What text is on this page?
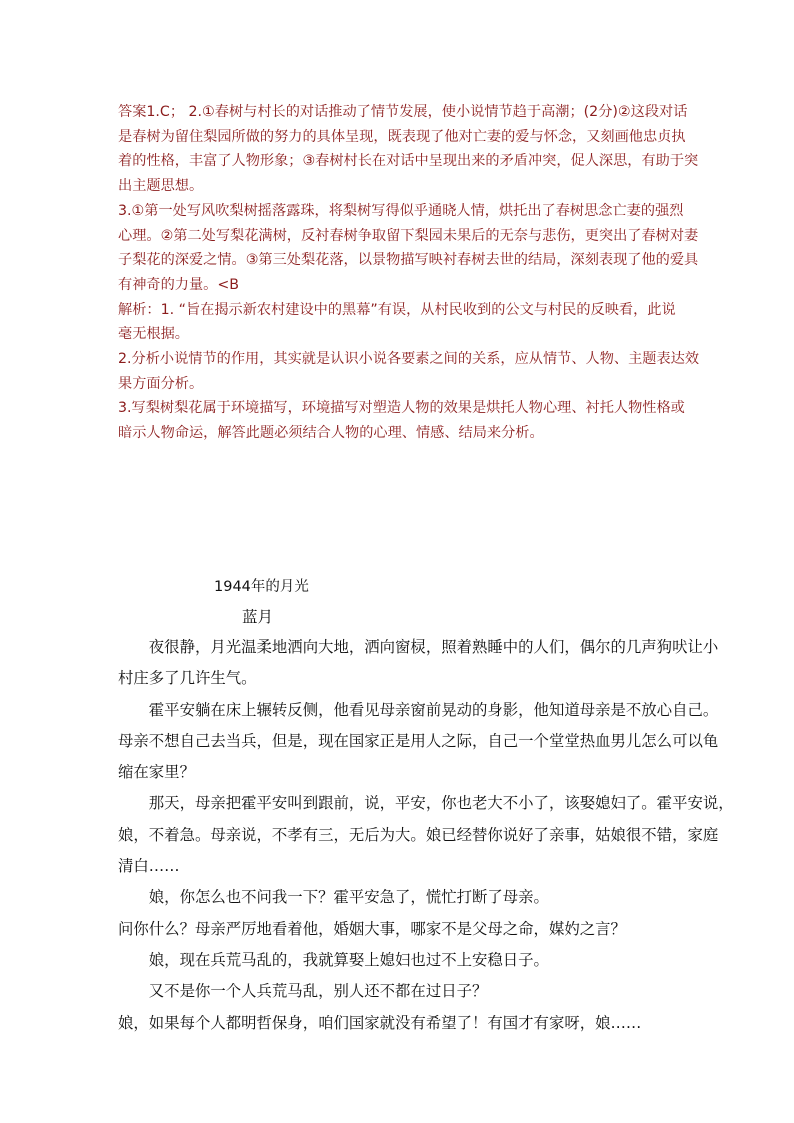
答案1.C； 2.①春树与村长的对话推动了情节发展，使小说情节趋于高潮；(2分)②这段对话

是春树为留住梨园所做的努力的具体呈现，既表现了他对亡妻的爱与怀念，又刻画他忠贞执

着的性格，丰富了人物形象；③春树村长在对话中呈现出来的矛盾冲突，促人深思，有助于突

出主题思想。

3.①第一处写风吹梨树摇落露珠，将梨树写得似乎通晓人情，烘托出了春树思念亡妻的强烈

心理。②第二处写梨花满树，反衬春树争取留下梨园未果后的无奈与悲伤，更突出了春树对妻

子梨花的深爱之情。③第三处梨花落，以景物描写映衬春树去世的结局，深刻表现了他的爱具

有神奇的力量。<B

解析：1. “旨在揭示新农村建设中的黑幕”有误，从村民收到的公文与村民的反映看，此说

毫无根据。

2.分析小说情节的作用，其实就是认识小说各要素之间的关系，应从情节、人物、主题表达效

果方面分析。

3.写梨树梨花属于环境描写，环境描写对塑造人物的效果是烘托人物心理、衬托人物性格或

暗示人物命运，解答此题必须结合人物的心理、情感、结局来分析。

1944年的月光

蓝月

　　夜很静，月光温柔地洒向大地，洒向窗棂，照着熟睡中的人们，偶尔的几声狗吠让小

村庄多了几许生气。

　　霍平安躺在床上辗转反侧，他看见母亲窗前晃动的身影，他知道母亲是不放心自己。

母亲不想自己去当兵，但是，现在国家正是用人之际，自己一个堂堂热血男儿怎么可以龟

缩在家里？

　　那天，母亲把霍平安叫到跟前，说，平安，你也老大不小了，该娶媳妇了。霍平安说，

娘，不着急。母亲说，不孝有三，无后为大。娘已经替你说好了亲事，姑娘很不错，家庭

清白……

　　娘，你怎么也不问我一下？霍平安急了，慌忙打断了母亲。

问你什么？母亲严厉地看着他，婚姻大事，哪家不是父母之命，媒妁之言？

　　娘，现在兵荒马乱的，我就算娶上媳妇也过不上安稳日子。

　　又不是你一个人兵荒马乱，别人还不都在过日子？

娘，如果每个人都明哲保身，咱们国家就没有希望了！有国才有家呀，娘……
